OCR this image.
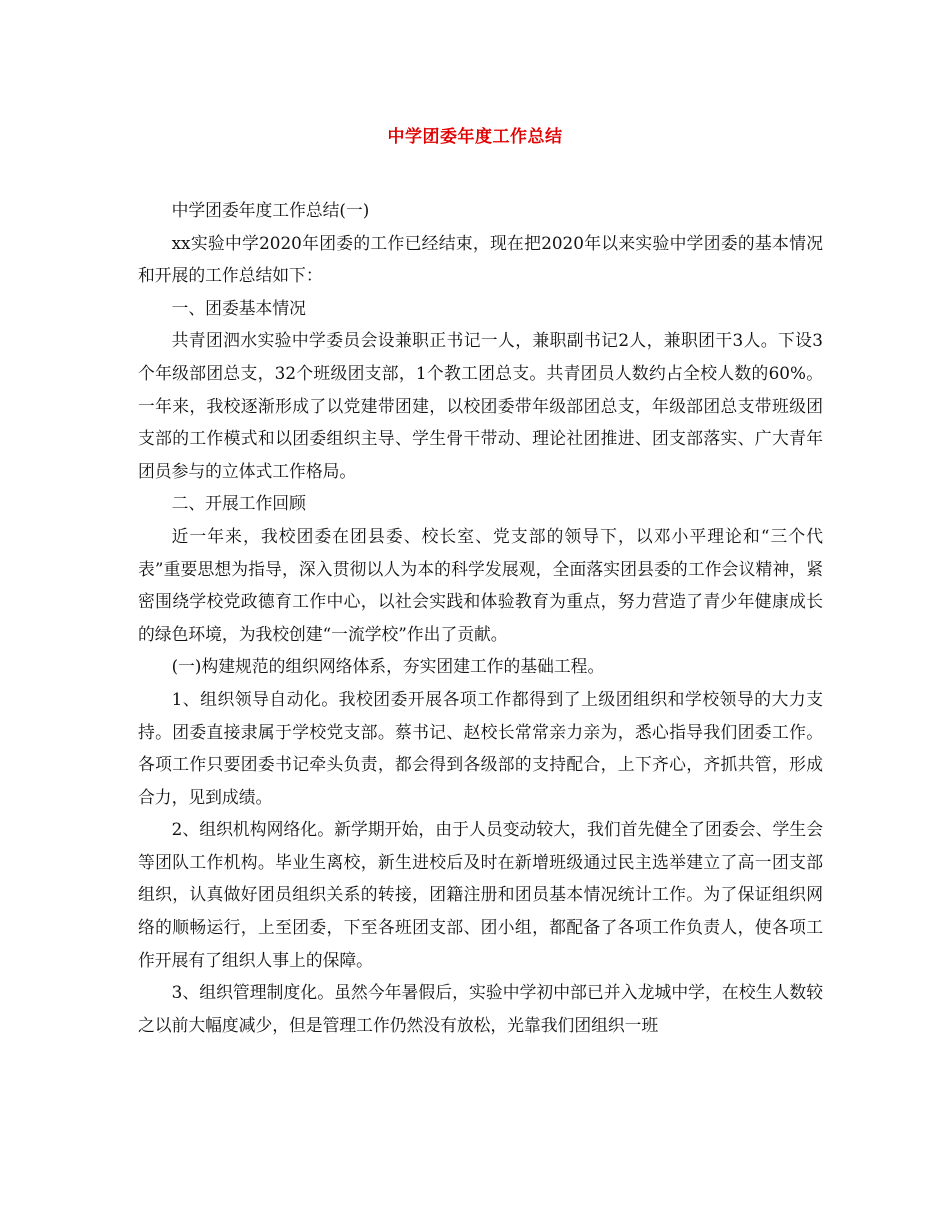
中学团委年度工作总结

中学团委年度工作总结(一)

xx实验中学2020年团委的工作已经结束，现在把2020年以来实验中学团委的基本情况和开展的工作总结如下：

一、团委基本情况

共青团泗水实验中学委员会设兼职正书记一人，兼职副书记2人，兼职团干3人。下设3个年级部团总支，32个班级团支部，1个教工团总支。共青团员人数约占全校人数的60%。一年来，我校逐渐形成了以党建带团建，以校团委带年级部团总支，年级部团总支带班级团支部的工作模式和以团委组织主导、学生骨干带动、理论社团推进、团支部落实、广大青年团员参与的立体式工作格局。

二、开展工作回顾

近一年来，我校团委在团县委、校长室、党支部的领导下，以邓小平理论和“三个代表”重要思想为指导，深入贯彻以人为本的科学发展观，全面落实团县委的工作会议精神，紧密围绕学校党政德育工作中心，以社会实践和体验教育为重点，努力营造了青少年健康成长的绿色环境，为我校创建“一流学校”作出了贡献。

(一)构建规范的组织网络体系，夯实团建工作的基础工程。

1、组织领导自动化。我校团委开展各项工作都得到了上级团组织和学校领导的大力支持。团委直接隶属于学校党支部。蔡书记、赵校长常常亲力亲为，悉心指导我们团委工作。各项工作只要团委书记牵头负责，都会得到各级部的支持配合，上下齐心，齐抓共管，形成合力，见到成绩。

2、组织机构网络化。新学期开始，由于人员变动较大，我们首先健全了团委会、学生会等团队工作机构。毕业生离校，新生进校后及时在新增班级通过民主选举建立了高一团支部组织，认真做好团员组织关系的转接，团籍注册和团员基本情况统计工作。为了保证组织网络的顺畅运行，上至团委，下至各班团支部、团小组，都配备了各项工作负责人，使各项工作开展有了组织人事上的保障。

3、组织管理制度化。虽然今年暑假后，实验中学初中部已并入龙城中学，在校生人数较之以前大幅度减少，但是管理工作仍然没有放松，光靠我们团组织一班
